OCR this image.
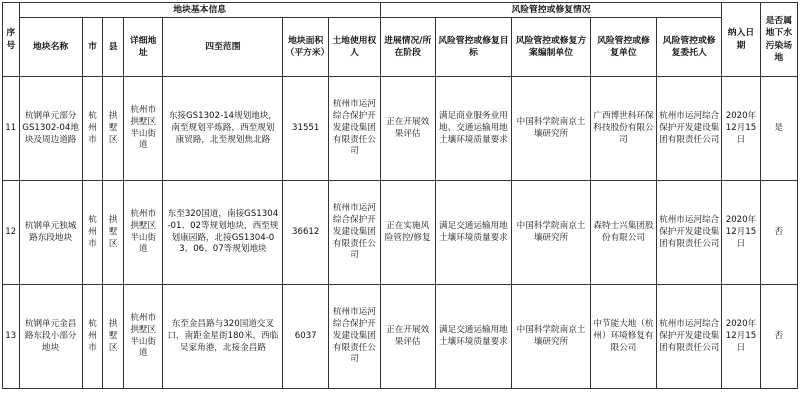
序号	地块基本信息							风险管控或修复情况					纳入日期	是否属地下水污染场地
	地块名称	市	县	详细地址	四至范围	地块面积（平方米）	土地使用权人	进展情况/所在阶段	风险管控或修复目标	风险管控或修复方案编制单位	风险管控或修复单位	风险管控或修复委托人		
11	杭钢单元部分GS1302-04地块及周边道路	杭州市	拱墅区	杭州市拱墅区半山街道	东接GS1302-14规划地块，南至规划平炼路，西至规划康贸路，北至规划焦北路	31551	杭州市运河综合保护开发建设集团有限责任公司	正在开展效果评估	满足商业服务业用地、交通运输用地土壤环境质量要求	中国科学院南京土壤研究所	广西博世科环保科技股份有限公司	杭州市运河综合保护开发建设集团有限责任公司	2020年12月15日	是
12	杭钢单元独城路东段地块	杭州市	拱墅区	杭州市拱墅区半山街道	东至320国道，南接GS1304-01、02等规划地块，西至规划康园路，北接GS1304-03、06、07等规划地块	36612	杭州市运河综合保护开发建设集团有限责任公司	正在实施风险管控/修复	满足交通运输用地土壤环境质量要求	中国科学院南京土壤研究所	森特士兴集团股份有限公司	杭州市运河综合保护开发建设集团有限责任公司	2020年12月15日	否
13	杭钢单元金昌路东段小部分地块	杭州市	拱墅区	杭州市拱墅区半山街道	东至金昌路与320国道交叉口，南距金星街180米，西临吴家角港，北接金昌路	6037	杭州市运河综合保护开发建设集团有限责任公司	正在开展效果评估	满足交通运输用地土壤环境质量要求	中国科学院南京土壤研究所	中节能大地（杭州）环境修复有限公司	杭州市运河综合保护开发建设集团有限责任公司	2020年12月15日	否
